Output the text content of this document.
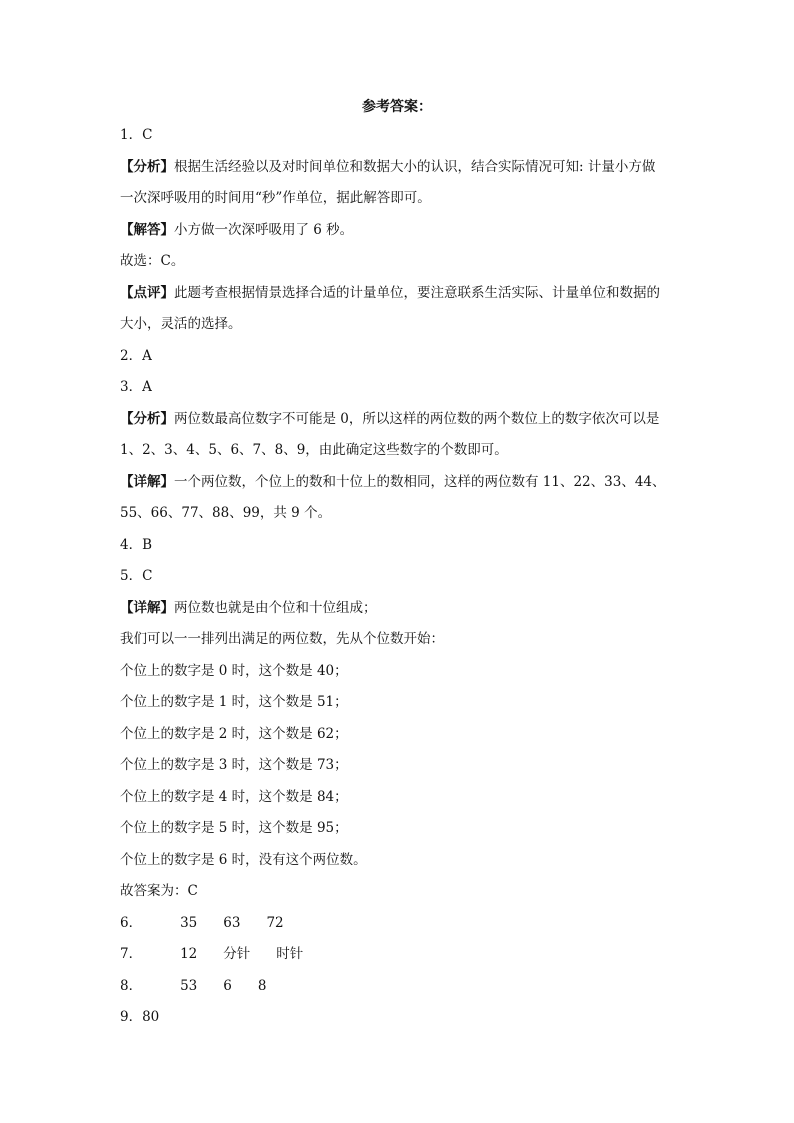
参考答案：
1．C
【分析】根据生活经验以及对时间单位和数据大小的认识，结合实际情况可知: 计量小方做
一次深呼吸用的时间用“秒”作单位，据此解答即可。
【解答】小方做一次深呼吸用了 6 秒。
故选：C。
【点评】此题考查根据情景选择合适的计量单位，要注意联系生活实际、计量单位和数据的
大小，灵活的选择。
2．A
3．A
【分析】两位数最高位数字不可能是 0，所以这样的两位数的两个数位上的数字依次可以是
1、2、3、4、5、6、7、8、9，由此确定这些数字的个数即可。
【详解】一个两位数，个位上的数和十位上的数相同，这样的两位数有 11、22、33、44、
55、66、77、88、99，共 9 个。
4．B
5．C
【详解】两位数也就是由个位和十位组成；
我们可以一一排列出满足的两位数，先从个位数开始：
个位上的数字是 0 时，这个数是 40；
个位上的数字是 1 时，这个数是 51；
个位上的数字是 2 时，这个数是 62；
个位上的数字是 3 时，这个数是 73；
个位上的数字是 4 时，这个数是 84；
个位上的数字是 5 时，这个数是 95；
个位上的数字是 6 时，没有这个两位数。
故答案为：C
6．	35 63 72
7．	12 分针 时针
8．	53 6 8
9．80
